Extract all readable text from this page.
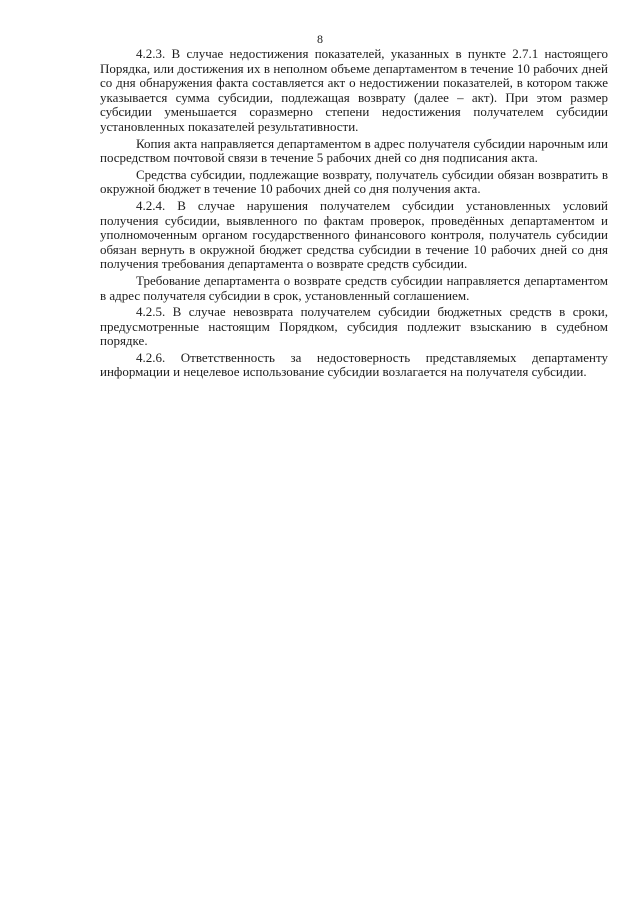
8

4.2.3. В случае недостижения показателей, указанных в пункте 2.7.1 настоящего Порядка, или достижения их в неполном объеме департаментом в течение 10 рабочих дней со дня обнаружения факта составляется акт о недостижении показателей, в котором также указывается сумма субсидии, подлежащая возврату (далее – акт). При этом размер субсидии уменьшается соразмерно степени недостижения получателем субсидии установленных показателей результативности.

Копия акта направляется департаментом в адрес получателя субсидии нарочным или посредством почтовой связи в течение 5 рабочих дней со дня подписания акта.

Средства субсидии, подлежащие возврату, получатель субсидии обязан возвратить в окружной бюджет в течение 10 рабочих дней со дня получения акта.

4.2.4. В случае нарушения получателем субсидии установленных условий получения субсидии, выявленного по фактам проверок, проведённых департаментом и уполномоченным органом государственного финансового контроля, получатель субсидии обязан вернуть в окружной бюджет средства субсидии в течение 10 рабочих дней со дня получения требования департамента о возврате средств субсидии.

Требование департамента о возврате средств субсидии направляется департаментом в адрес получателя субсидии в срок, установленный соглашением.

4.2.5. В случае невозврата получателем субсидии бюджетных средств в сроки, предусмотренные настоящим Порядком, субсидия подлежит взысканию в судебном порядке.

4.2.6. Ответственность за недостоверность представляемых департаменту информации и нецелевое использование субсидии возлагается на получателя субсидии.
